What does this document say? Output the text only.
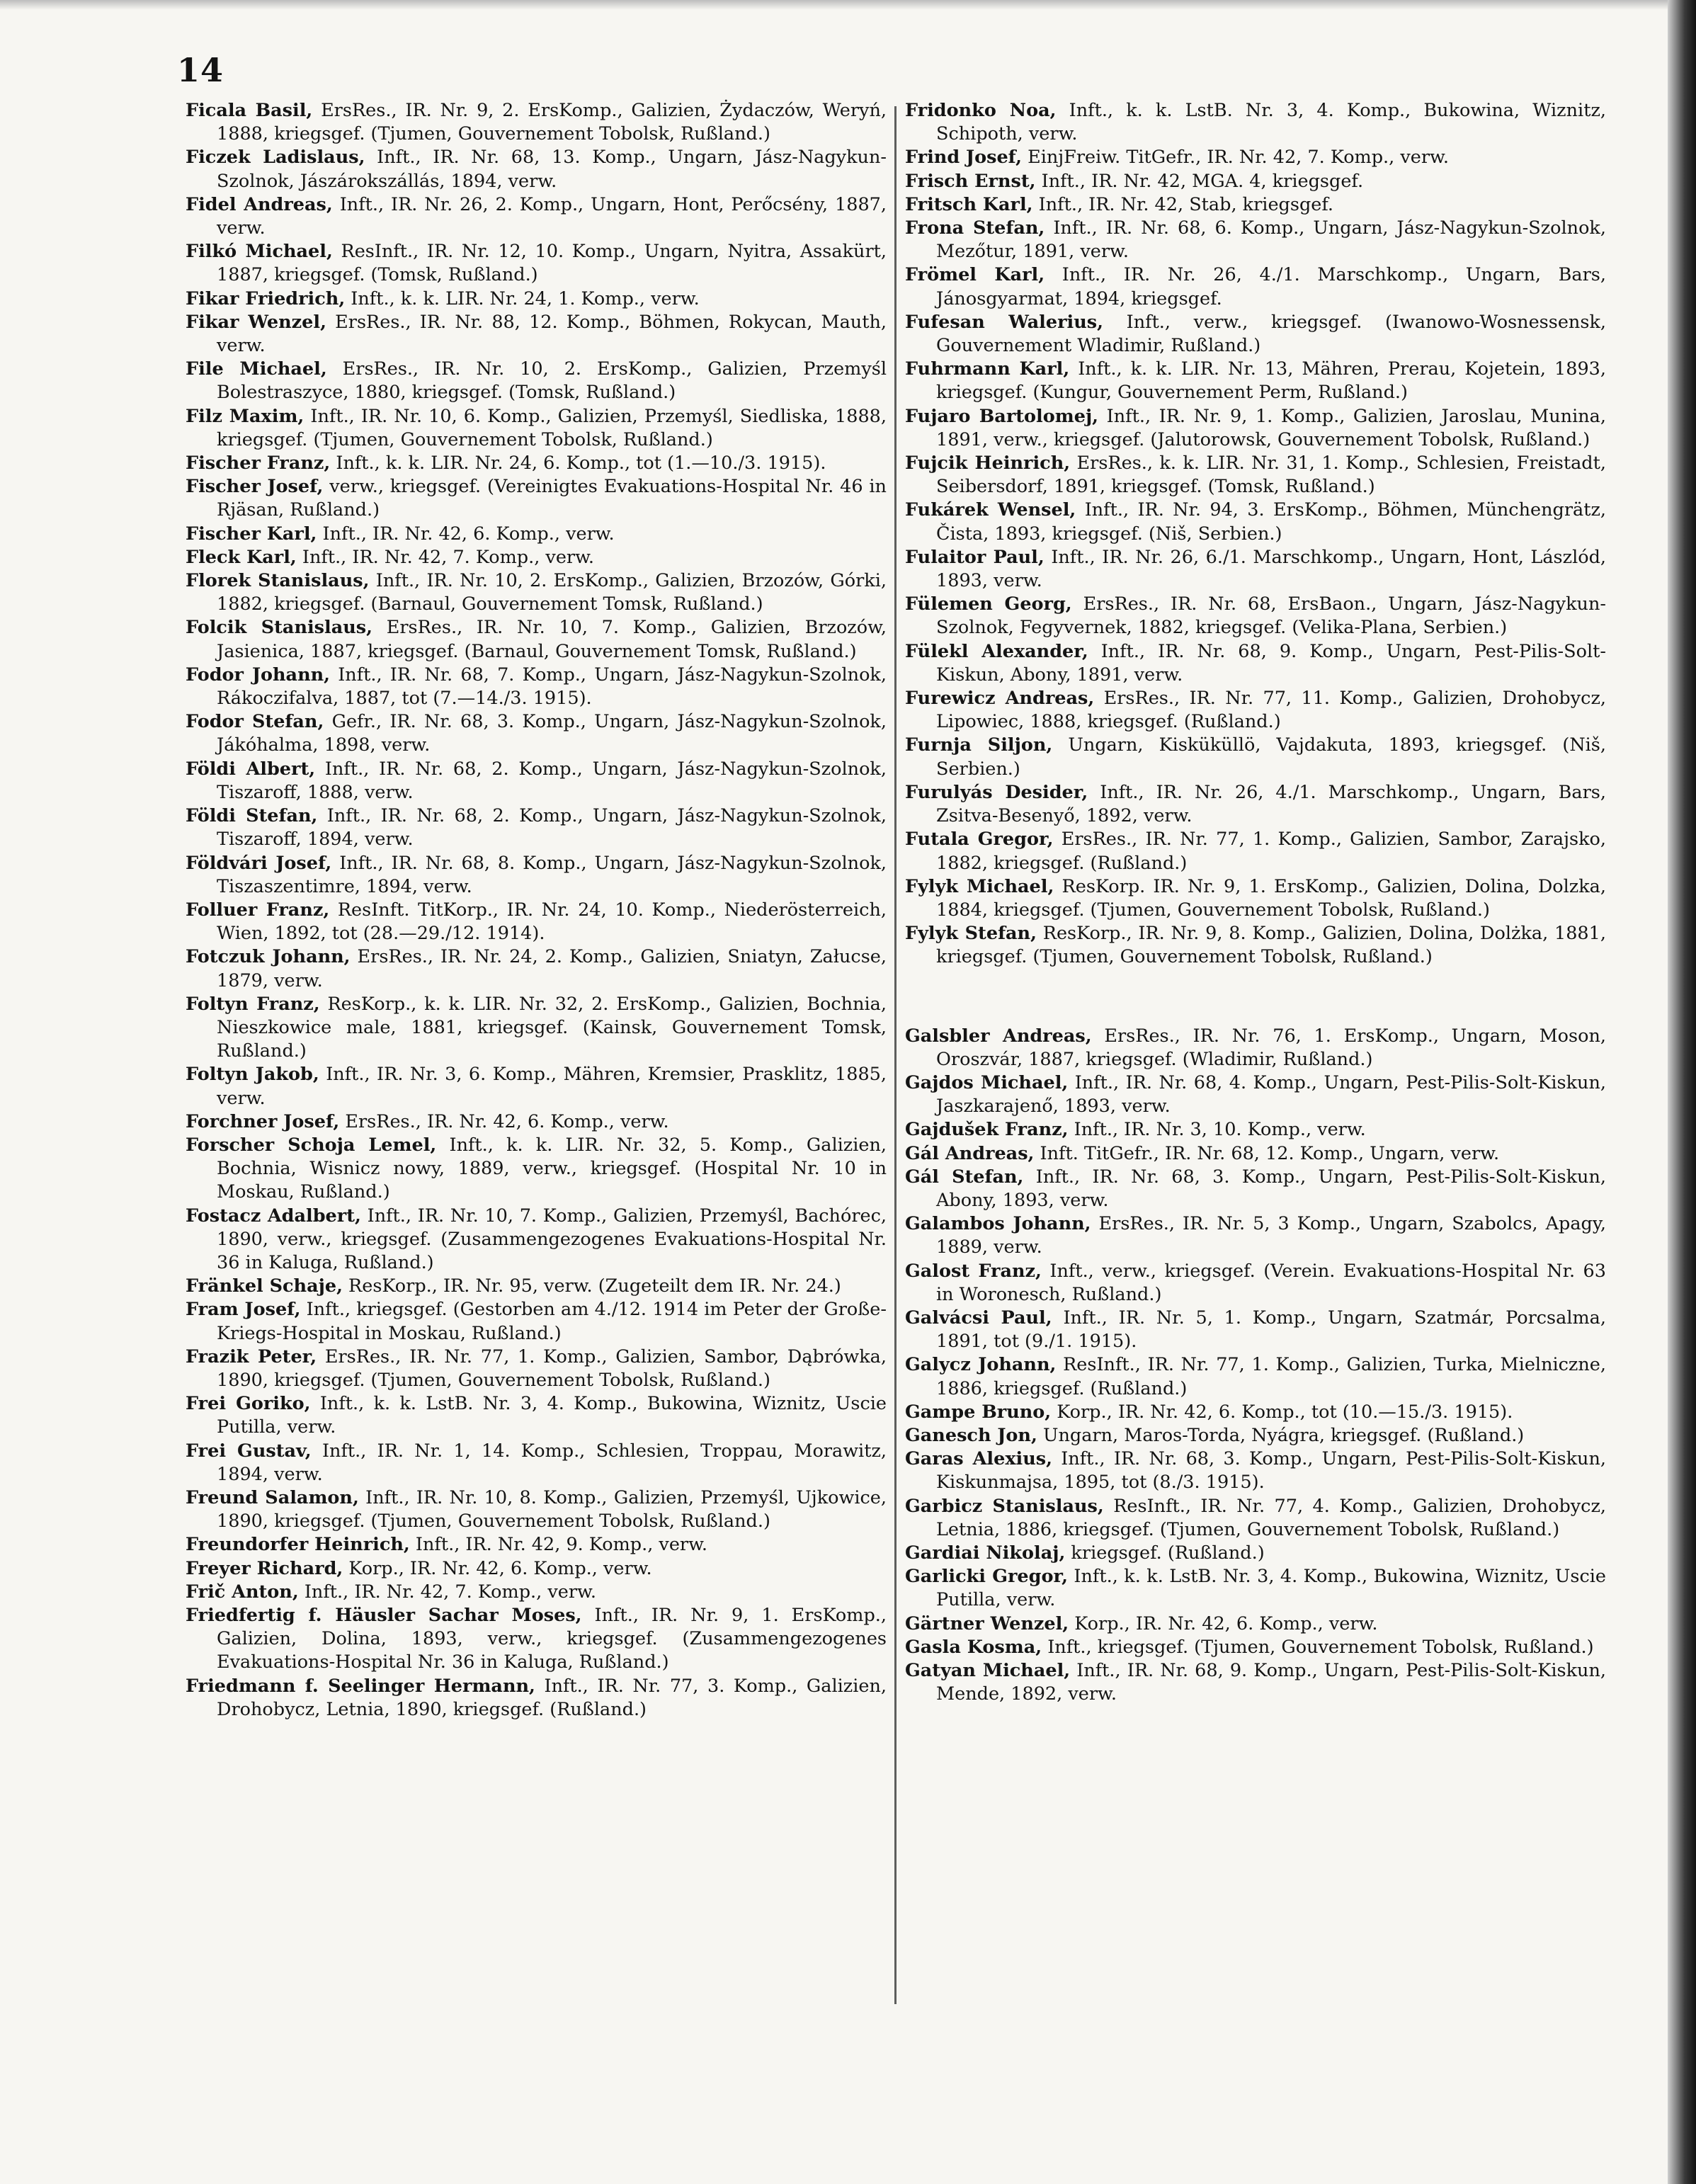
14

Ficala Basil, ErsRes., IR. Nr. 9, 2. ErsKomp., Galizien, Żydaczów, Weryń, 1888, kriegsgef. (Tjumen, Gouvernement Tobolsk, Rußland.)

Ficzek Ladislaus, Inft., IR. Nr. 68, 13. Komp., Ungarn, Jász-Nagykun-Szolnok, Jászárokszállás, 1894, verw.

Fidel Andreas, Inft., IR. Nr. 26, 2. Komp., Ungarn, Hont, Perőcsény, 1887, verw.

Filkó Michael, ResInft., IR. Nr. 12, 10. Komp., Ungarn, Nyitra, Assakürt, 1887, kriegsgef. (Tomsk, Rußland.)

Fikar Friedrich, Inft., k. k. LIR. Nr. 24, 1. Komp., verw.

Fikar Wenzel, ErsRes., IR. Nr. 88, 12. Komp., Böhmen, Rokycan, Mauth, verw.

File Michael, ErsRes., IR. Nr. 10, 2. ErsKomp., Galizien, Przemyśl Bolestraszyce, 1880, kriegsgef. (Tomsk, Rußland.)

Filz Maxim, Inft., IR. Nr. 10, 6. Komp., Galizien, Przemyśl, Siedliska, 1888, kriegsgef. (Tjumen, Gouvernement Tobolsk, Rußland.)

Fischer Franz, Inft., k. k. LIR. Nr. 24, 6. Komp., tot (1.—10./3. 1915).

Fischer Josef, verw., kriegsgef. (Vereinigtes Evakuations-Hospital Nr. 46 in Rjäsan, Rußland.)

Fischer Karl, Inft., IR. Nr. 42, 6. Komp., verw.

Fleck Karl, Inft., IR. Nr. 42, 7. Komp., verw.

Florek Stanislaus, Inft., IR. Nr. 10, 2. ErsKomp., Galizien, Brzozów, Górki, 1882, kriegsgef. (Barnaul, Gouvernement Tomsk, Rußland.)

Folcik Stanislaus, ErsRes., IR. Nr. 10, 7. Komp., Galizien, Brzozów, Jasienica, 1887, kriegsgef. (Barnaul, Gouvernement Tomsk, Rußland.)

Fodor Johann, Inft., IR. Nr. 68, 7. Komp., Ungarn, Jász-Nagykun-Szolnok, Rákoczifalva, 1887, tot (7.—14./3. 1915).

Fodor Stefan, Gefr., IR. Nr. 68, 3. Komp., Ungarn, Jász-Nagykun-Szolnok, Jákóhalma, 1898, verw.

Földi Albert, Inft., IR. Nr. 68, 2. Komp., Ungarn, Jász-Nagykun-Szolnok, Tiszaroff, 1888, verw.

Földi Stefan, Inft., IR. Nr. 68, 2. Komp., Ungarn, Jász-Nagykun-Szolnok, Tiszaroff, 1894, verw.

Földvári Josef, Inft., IR. Nr. 68, 8. Komp., Ungarn, Jász-Nagykun-Szolnok, Tiszaszentimre, 1894, verw.

Folluer Franz, ResInft. TitKorp., IR. Nr. 24, 10. Komp., Niederösterreich, Wien, 1892, tot (28.—29./12. 1914).

Fotczuk Johann, ErsRes., IR. Nr. 24, 2. Komp., Galizien, Sniatyn, Załucse, 1879, verw.

Foltyn Franz, ResKorp., k. k. LIR. Nr. 32, 2. ErsKomp., Galizien, Bochnia, Nieszkowice male, 1881, kriegsgef. (Kainsk, Gouvernement Tomsk, Rußland.)

Foltyn Jakob, Inft., IR. Nr. 3, 6. Komp., Mähren, Kremsier, Prasklitz, 1885, verw.

Forchner Josef, ErsRes., IR. Nr. 42, 6. Komp., verw.

Forscher Schoja Lemel, Inft., k. k. LIR. Nr. 32, 5. Komp., Galizien, Bochnia, Wisnicz nowy, 1889, verw., kriegsgef. (Hospital Nr. 10 in Moskau, Rußland.)

Fostacz Adalbert, Inft., IR. Nr. 10, 7. Komp., Galizien, Przemyśl, Bachórec, 1890, verw., kriegsgef. (Zusammengezogenes Evakuations-Hospital Nr. 36 in Kaluga, Rußland.)

Fränkel Schaje, ResKorp., IR. Nr. 95, verw. (Zugeteilt dem IR. Nr. 24.)

Fram Josef, Inft., kriegsgef. (Gestorben am 4./12. 1914 im Peter der Große-Kriegs-Hospital in Moskau, Rußland.)

Frazik Peter, ErsRes., IR. Nr. 77, 1. Komp., Galizien, Sambor, Dąbrówka, 1890, kriegsgef. (Tjumen, Gouvernement Tobolsk, Rußland.)

Frei Goriko, Inft., k. k. LstB. Nr. 3, 4. Komp., Bukowina, Wiznitz, Uscie Putilla, verw.

Frei Gustav, Inft., IR. Nr. 1, 14. Komp., Schlesien, Troppau, Morawitz, 1894, verw.

Freund Salamon, Inft., IR. Nr. 10, 8. Komp., Galizien, Przemyśl, Ujkowice, 1890, kriegsgef. (Tjumen, Gouvernement Tobolsk, Rußland.)

Freundorfer Heinrich, Inft., IR. Nr. 42, 9. Komp., verw.

Freyer Richard, Korp., IR. Nr. 42, 6. Komp., verw.

Frič Anton, Inft., IR. Nr. 42, 7. Komp., verw.

Friedfertig f. Häusler Sachar Moses, Inft., IR. Nr. 9, 1. ErsKomp., Galizien, Dolina, 1893, verw., kriegsgef. (Zusammengezogenes Evakuations-Hospital Nr. 36 in Kaluga, Rußland.)

Friedmann f. Seelinger Hermann, Inft., IR. Nr. 77, 3. Komp., Galizien, Drohobycz, Letnia, 1890, kriegsgef. (Rußland.)

Fridonko Noa, Inft., k. k. LstB. Nr. 3, 4. Komp., Bukowina, Wiznitz, Schipoth, verw.

Frind Josef, EinjFreiw. TitGefr., IR. Nr. 42, 7. Komp., verw.

Frisch Ernst, Inft., IR. Nr. 42, MGA. 4, kriegsgef.

Fritsch Karl, Inft., IR. Nr. 42, Stab, kriegsgef.

Frona Stefan, Inft., IR. Nr. 68, 6. Komp., Ungarn, Jász-Nagykun-Szolnok, Mezőtur, 1891, verw.

Frömel Karl, Inft., IR. Nr. 26, 4./1. Marschkomp., Ungarn, Bars, Jánosgyarmat, 1894, kriegsgef.

Fufesan Walerius, Inft., verw., kriegsgef. (Iwanowo-Wosnessensk, Gouvernement Wladimir, Rußland.)

Fuhrmann Karl, Inft., k. k. LIR. Nr. 13, Mähren, Prerau, Kojetein, 1893, kriegsgef. (Kungur, Gouvernement Perm, Rußland.)

Fujaro Bartolomej, Inft., IR. Nr. 9, 1. Komp., Galizien, Jaroslau, Munina, 1891, verw., kriegsgef. (Jalutorowsk, Gouvernement Tobolsk, Rußland.)

Fujcik Heinrich, ErsRes., k. k. LIR. Nr. 31, 1. Komp., Schlesien, Freistadt, Seibersdorf, 1891, kriegsgef. (Tomsk, Rußland.)

Fukárek Wensel, Inft., IR. Nr. 94, 3. ErsKomp., Böhmen, Münchengrätz, Čista, 1893, kriegsgef. (Niš, Serbien.)

Fulaitor Paul, Inft., IR. Nr. 26, 6./1. Marschkomp., Ungarn, Hont, Lászlód, 1893, verw.

Fülemen Georg, ErsRes., IR. Nr. 68, ErsBaon., Ungarn, Jász-Nagykun-Szolnok, Fegyvernek, 1882, kriegsgef. (Velika-Plana, Serbien.)

Fülekl Alexander, Inft., IR. Nr. 68, 9. Komp., Ungarn, Pest-Pilis-Solt-Kiskun, Abony, 1891, verw.

Furewicz Andreas, ErsRes., IR. Nr. 77, 11. Komp., Galizien, Drohobycz, Lipowiec, 1888, kriegsgef. (Rußland.)

Furnja Siljon, Ungarn, Kisküküllö, Vajdakuta, 1893, kriegsgef. (Niš, Serbien.)

Furulyás Desider, Inft., IR. Nr. 26, 4./1. Marschkomp., Ungarn, Bars, Zsitva-Besenyő, 1892, verw.

Futala Gregor, ErsRes., IR. Nr. 77, 1. Komp., Galizien, Sambor, Zarajsko, 1882, kriegsgef. (Rußland.)

Fylyk Michael, ResKorp. IR. Nr. 9, 1. ErsKomp., Galizien, Dolina, Dolzka, 1884, kriegsgef. (Tjumen, Gouvernement Tobolsk, Rußland.)

Fylyk Stefan, ResKorp., IR. Nr. 9, 8. Komp., Galizien, Dolina, Dolżka, 1881, kriegsgef. (Tjumen, Gouvernement Tobolsk, Rußland.)

Galsbler Andreas, ErsRes., IR. Nr. 76, 1. ErsKomp., Ungarn, Moson, Oroszvár, 1887, kriegsgef. (Wladimir, Rußland.)

Gajdos Michael, Inft., IR. Nr. 68, 4. Komp., Ungarn, Pest-Pilis-Solt-Kiskun, Jaszkarajenő, 1893, verw.

Gajdušek Franz, Inft., IR. Nr. 3, 10. Komp., verw.

Gál Andreas, Inft. TitGefr., IR. Nr. 68, 12. Komp., Ungarn, verw.

Gál Stefan, Inft., IR. Nr. 68, 3. Komp., Ungarn, Pest-Pilis-Solt-Kiskun, Abony, 1893, verw.

Galambos Johann, ErsRes., IR. Nr. 5, 3 Komp., Ungarn, Szabolcs, Apagy, 1889, verw.

Galost Franz, Inft., verw., kriegsgef. (Verein. Evakuations-Hospital Nr. 63 in Woronesch, Rußland.)

Galvácsi Paul, Inft., IR. Nr. 5, 1. Komp., Ungarn, Szatmár, Porcsalma, 1891, tot (9./1. 1915).

Galycz Johann, ResInft., IR. Nr. 77, 1. Komp., Galizien, Turka, Mielniczne, 1886, kriegsgef. (Rußland.)

Gampe Bruno, Korp., IR. Nr. 42, 6. Komp., tot (10.—15./3. 1915).

Ganesch Jon, Ungarn, Maros-Torda, Nyágra, kriegsgef. (Rußland.)

Garas Alexius, Inft., IR. Nr. 68, 3. Komp., Ungarn, Pest-Pilis-Solt-Kiskun, Kiskunmajsa, 1895, tot (8./3. 1915).

Garbicz Stanislaus, ResInft., IR. Nr. 77, 4. Komp., Galizien, Drohobycz, Letnia, 1886, kriegsgef. (Tjumen, Gouvernement Tobolsk, Rußland.)

Gardiai Nikolaj, kriegsgef. (Rußland.)

Garlicki Gregor, Inft., k. k. LstB. Nr. 3, 4. Komp., Bukowina, Wiznitz, Uscie Putilla, verw.

Gärtner Wenzel, Korp., IR. Nr. 42, 6. Komp., verw.

Gasla Kosma, Inft., kriegsgef. (Tjumen, Gouvernement Tobolsk, Rußland.)

Gatyan Michael, Inft., IR. Nr. 68, 9. Komp., Ungarn, Pest-Pilis-Solt-Kiskun, Mende, 1892, verw.
